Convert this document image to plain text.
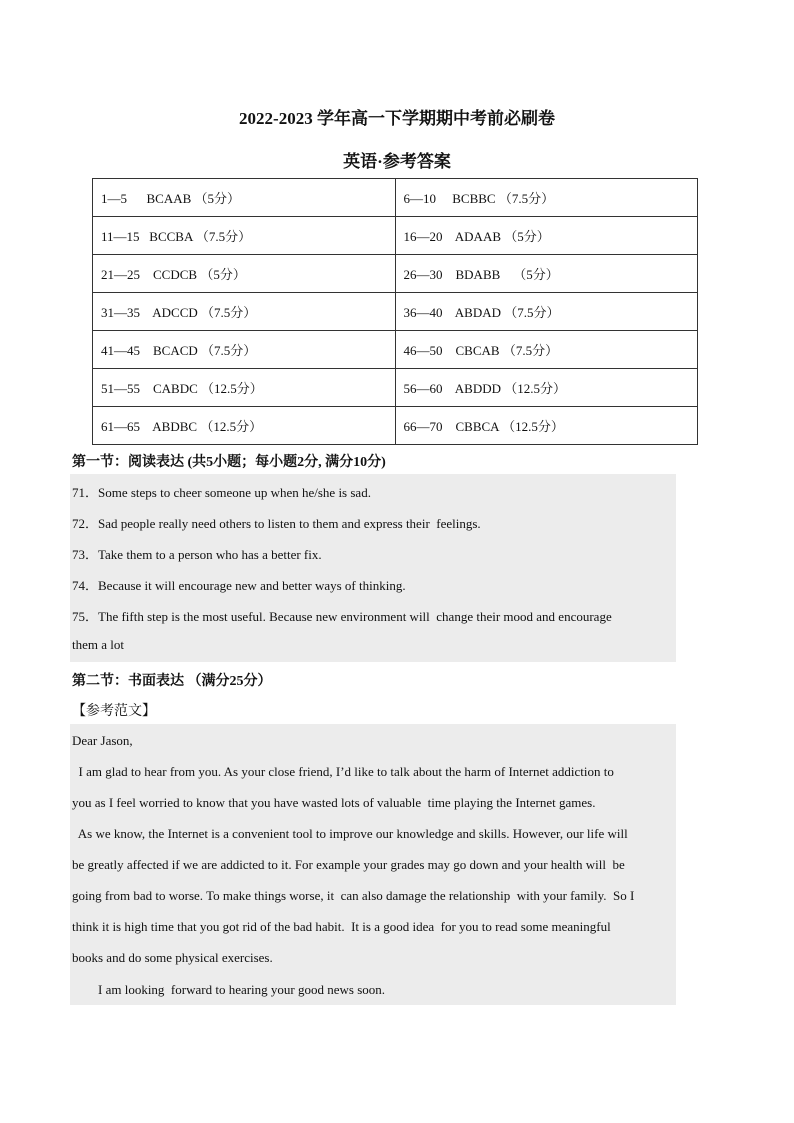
2022-2023 学年高一下学期期中考前必刷卷
英语·参考答案
1—5      BCAAB （5分）	6—10     BCBBC （7.5分）
11—15   BCCBA （7.5分）	16—20    ADAAB （5分）
21—25    CCDCB （5分）	26—30    BDABB    （5分）
31—35    ADCCD （7.5分）	36—40    ABDAD （7.5分）
41—45    BCACD （7.5分）	46—50    CBCAB （7.5分）
51—55    CABDC （12.5分）	56—60    ABDDD （12.5分）
61—65    ABDBC （12.5分）	66—70    CBBCA （12.5分）
第一节：阅读表达 (共5小题；每小题2分, 满分10分)
71．Some steps to cheer someone up when he/she is sad.
72．Sad people really need others to listen to them and express their  feelings.
73．Take them to a person who has a better fix.
74．Because it will encourage new and better ways of thinking.
75．The fifth step is the most useful. Because new environment will  change their mood and encourage
them a lot
第二节：书面表达 （满分25分）
【参考范文】
Dear Jason,
I am glad to hear from you. As your close friend, I’d like to talk about the harm of Internet addiction to
you as I feel worried to know that you have wasted lots of valuable  time playing the Internet games.
As we know, the Internet is a convenient tool to improve our knowledge and skills. However, our life will
be greatly affected if we are addicted to it. For example your grades may go down and your health will  be
going from bad to worse. To make things worse, it  can also damage the relationship  with your family.  So I
think it is high time that you got rid of the bad habit.  It is a good idea  for you to read some meaningful
books and do some physical exercises.
I am looking  forward to hearing your good news soon.
